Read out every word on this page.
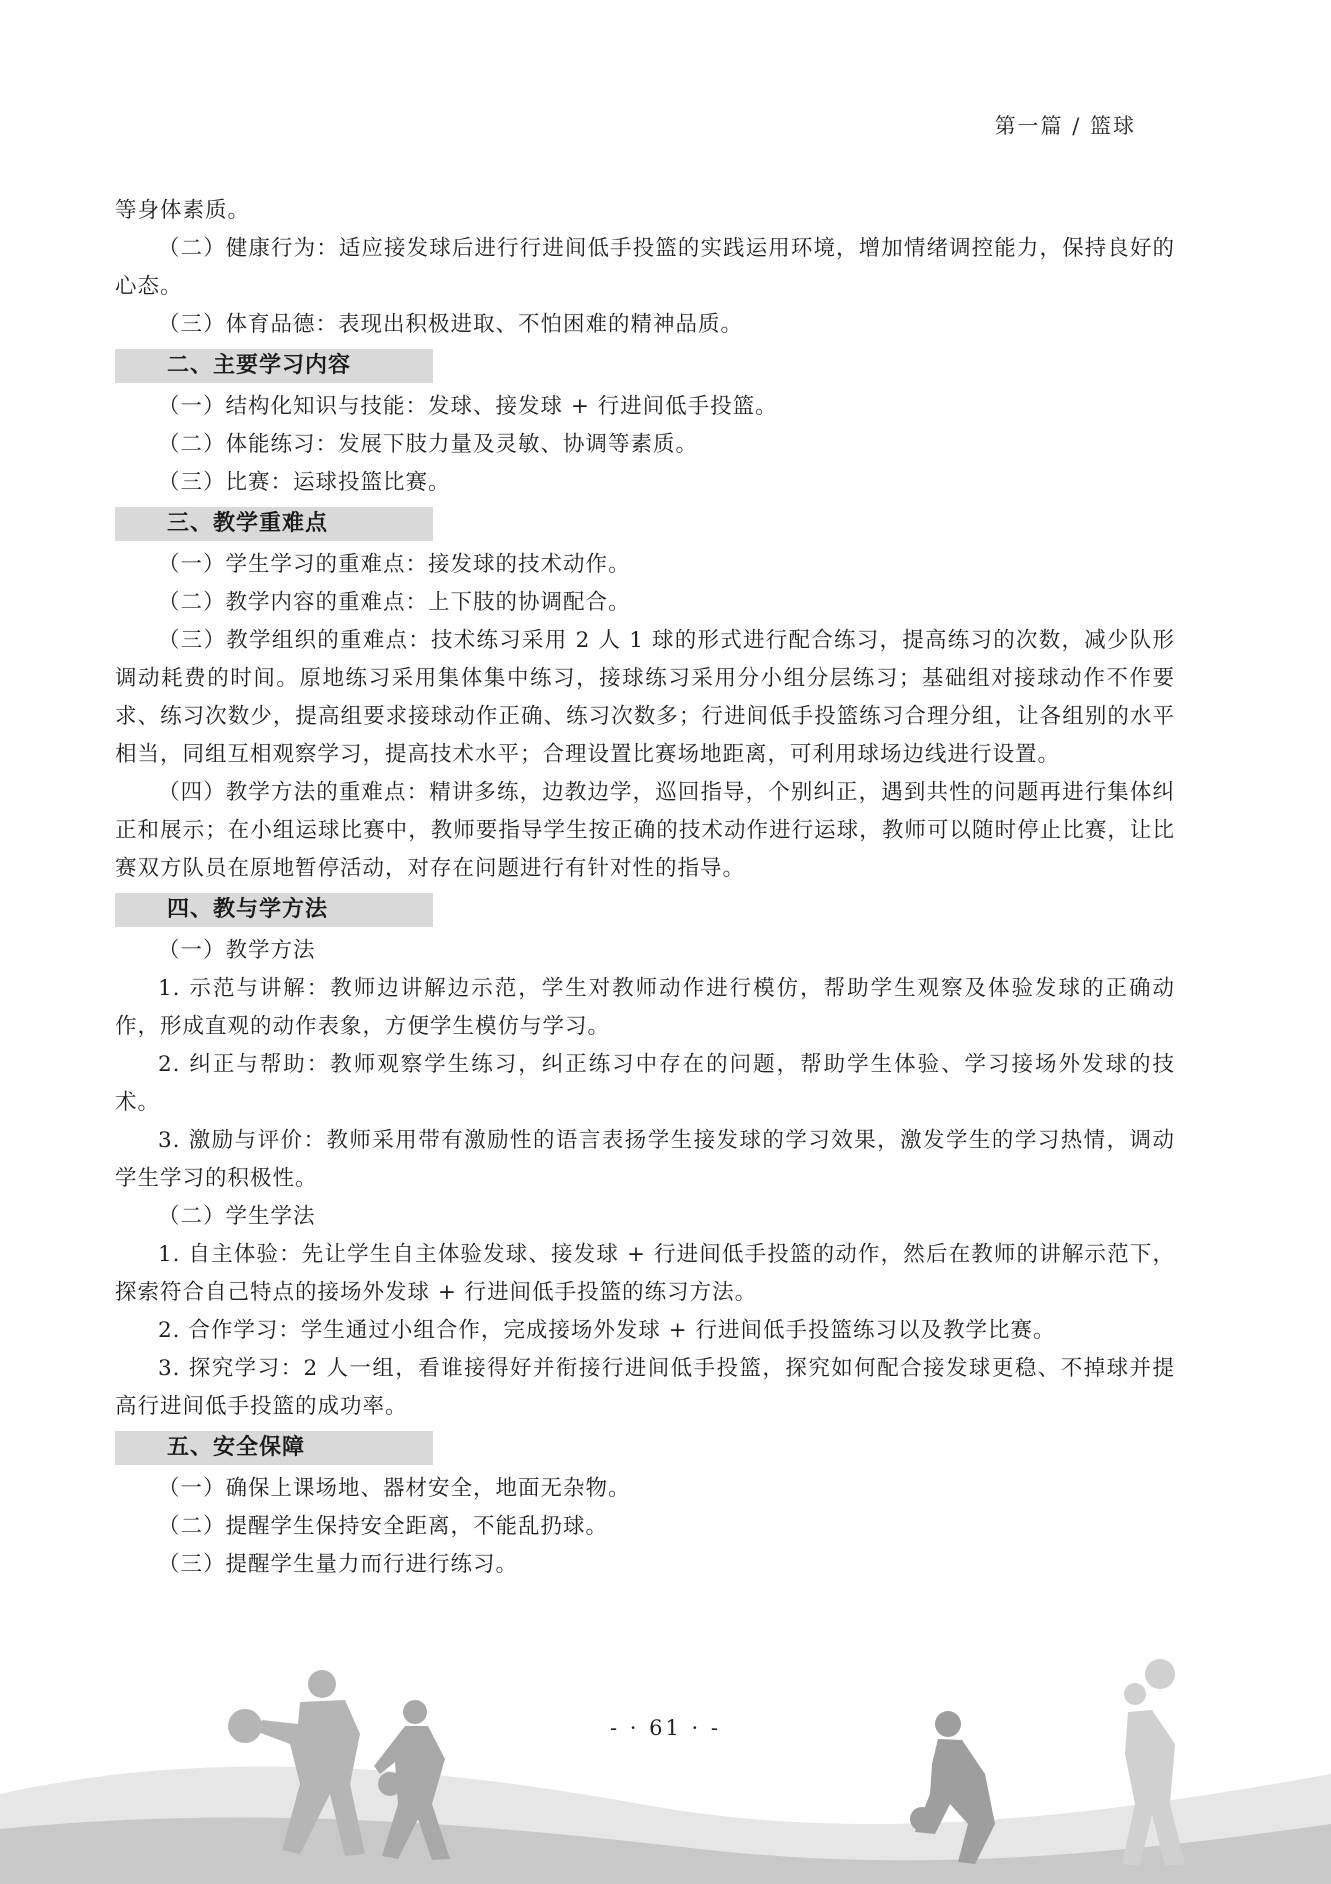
第一篇 / 篮球

等身体素质。

（二）健康行为：适应接发球后进行行进间低手投篮的实践运用环境，增加情绪调控能力，保持良好的心态。

（三）体育品德：表现出积极进取、不怕困难的精神品质。

二、主要学习内容

（一）结构化知识与技能：发球、接发球 + 行进间低手投篮。

（二）体能练习：发展下肢力量及灵敏、协调等素质。

（三）比赛：运球投篮比赛。

三、教学重难点

（一）学生学习的重难点：接发球的技术动作。

（二）教学内容的重难点：上下肢的协调配合。

（三）教学组织的重难点：技术练习采用 2 人 1 球的形式进行配合练习，提高练习的次数，减少队形调动耗费的时间。原地练习采用集体集中练习，接球练习采用分小组分层练习；基础组对接球动作不作要求、练习次数少，提高组要求接球动作正确、练习次数多；行进间低手投篮练习合理分组，让各组别的水平相当，同组互相观察学习，提高技术水平；合理设置比赛场地距离，可利用球场边线进行设置。

（四）教学方法的重难点：精讲多练，边教边学，巡回指导，个别纠正，遇到共性的问题再进行集体纠正和展示；在小组运球比赛中，教师要指导学生按正确的技术动作进行运球，教师可以随时停止比赛，让比赛双方队员在原地暂停活动，对存在问题进行有针对性的指导。

四、教与学方法

（一）教学方法

1. 示范与讲解：教师边讲解边示范，学生对教师动作进行模仿，帮助学生观察及体验发球的正确动作，形成直观的动作表象，方便学生模仿与学习。

2. 纠正与帮助：教师观察学生练习，纠正练习中存在的问题，帮助学生体验、学习接场外发球的技术。

3. 激励与评价：教师采用带有激励性的语言表扬学生接发球的学习效果，激发学生的学习热情，调动学生学习的积极性。

（二）学生学法

1. 自主体验：先让学生自主体验发球、接发球 + 行进间低手投篮的动作，然后在教师的讲解示范下，探索符合自己特点的接场外发球 + 行进间低手投篮的练习方法。

2. 合作学习：学生通过小组合作，完成接场外发球 + 行进间低手投篮练习以及教学比赛。

3. 探究学习：2 人一组，看谁接得好并衔接行进间低手投篮，探究如何配合接发球更稳、不掉球并提高行进间低手投篮的成功率。

五、安全保障

（一）确保上课场地、器材安全，地面无杂物。

（二）提醒学生保持安全距离，不能乱扔球。

（三）提醒学生量力而行进行练习。

- · 61 · -
